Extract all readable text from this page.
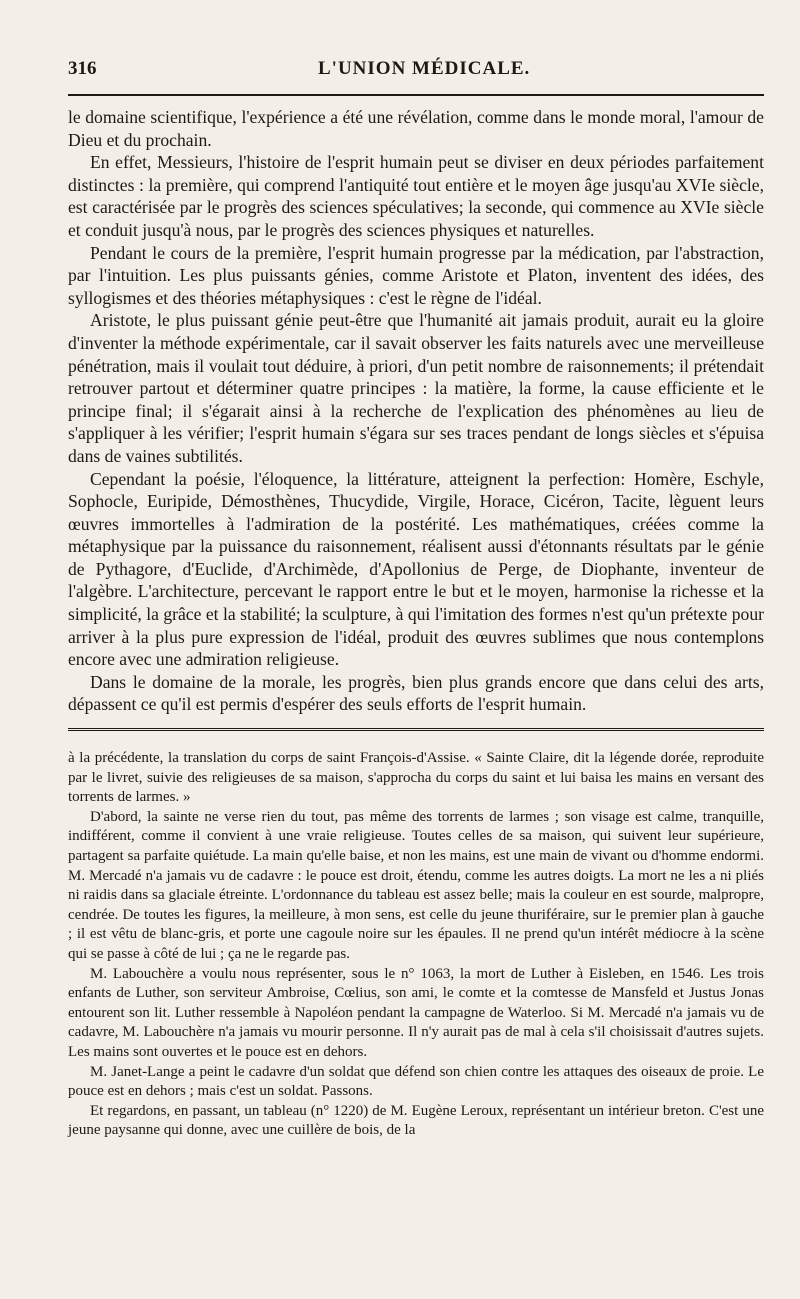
316	L'UNION MÉDICALE.

le domaine scientifique, l'expérience a été une révélation, comme dans le monde moral, l'amour de Dieu et du prochain.

En effet, Messieurs, l'histoire de l'esprit humain peut se diviser en deux périodes parfaitement distinctes : la première, qui comprend l'antiquité tout entière et le moyen âge jusqu'au XVIe siècle, est caractérisée par le progrès des sciences spéculatives; la seconde, qui commence au XVIe siècle et conduit jusqu'à nous, par le progrès des sciences physiques et naturelles.

Pendant le cours de la première, l'esprit humain progresse par la médication, par l'abstraction, par l'intuition. Les plus puissants génies, comme Aristote et Platon, inventent des idées, des syllogismes et des théories métaphysiques : c'est le règne de l'idéal.

Aristote, le plus puissant génie peut-être que l'humanité ait jamais produit, aurait eu la gloire d'inventer la méthode expérimentale, car il savait observer les faits naturels avec une merveilleuse pénétration, mais il voulait tout déduire, à priori, d'un petit nombre de raisonnements; il prétendait retrouver partout et déterminer quatre principes : la matière, la forme, la cause efficiente et le principe final; il s'égarait ainsi à la recherche de l'explication des phénomènes au lieu de s'appliquer à les vérifier; l'esprit humain s'égara sur ses traces pendant de longs siècles et s'épuisa dans de vaines subtilités.

Cependant la poésie, l'éloquence, la littérature, atteignent la perfection: Homère, Eschyle, Sophocle, Euripide, Démosthènes, Thucydide, Virgile, Horace, Cicéron, Tacite, lèguent leurs œuvres immortelles à l'admiration de la postérité. Les mathématiques, créées comme la métaphysique par la puissance du raisonnement, réalisent aussi d'étonnants résultats par le génie de Pythagore, d'Euclide, d'Archimède, d'Apollonius de Perge, de Diophante, inventeur de l'algèbre. L'architecture, percevant le rapport entre le but et le moyen, harmonise la richesse et la simplicité, la grâce et la stabilité; la sculpture, à qui l'imitation des formes n'est qu'un prétexte pour arriver à la plus pure expression de l'idéal, produit des œuvres sublimes que nous contemplons encore avec une admiration religieuse.

Dans le domaine de la morale, les progrès, bien plus grands encore que dans celui des arts, dépassent ce qu'il est permis d'espérer des seuls efforts de l'esprit humain.

à la précédente, la translation du corps de saint François-d'Assise. « Sainte Claire, dit la légende dorée, reproduite par le livret, suivie des religieuses de sa maison, s'approcha du corps du saint et lui baisa les mains en versant des torrents de larmes. »

D'abord, la sainte ne verse rien du tout, pas même des torrents de larmes ; son visage est calme, tranquille, indifférent, comme il convient à une vraie religieuse. Toutes celles de sa maison, qui suivent leur supérieure, partagent sa parfaite quiétude. La main qu'elle baise, et non les mains, est une main de vivant ou d'homme endormi. M. Mercadé n'a jamais vu de cadavre : le pouce est droit, étendu, comme les autres doigts. La mort ne les a ni pliés ni raidis dans sa glaciale étreinte. L'ordonnance du tableau est assez belle; mais la couleur en est sourde, malpropre, cendrée. De toutes les figures, la meilleure, à mon sens, est celle du jeune thuriféraire, sur le premier plan à gauche ; il est vêtu de blanc-gris, et porte une cagoule noire sur les épaules. Il ne prend qu'un intérêt médiocre à la scène qui se passe à côté de lui ; ça ne le regarde pas.

M. Labouchère a voulu nous représenter, sous le n° 1063, la mort de Luther à Eisleben, en 1546. Les trois enfants de Luther, son serviteur Ambroise, Cœlius, son ami, le comte et la comtesse de Mansfeld et Justus Jonas entourent son lit. Luther ressemble à Napoléon pendant la campagne de Waterloo. Si M. Mercadé n'a jamais vu de cadavre, M. Labouchère n'a jamais vu mourir personne. Il n'y aurait pas de mal à cela s'il choisissait d'autres sujets. Les mains sont ouvertes et le pouce est en dehors.

M. Janet-Lange a peint le cadavre d'un soldat que défend son chien contre les attaques des oiseaux de proie. Le pouce est en dehors ; mais c'est un soldat. Passons.

Et regardons, en passant, un tableau (n° 1220) de M. Eugène Leroux, représentant un intérieur breton. C'est une jeune paysanne qui donne, avec une cuillère de bois, de la
